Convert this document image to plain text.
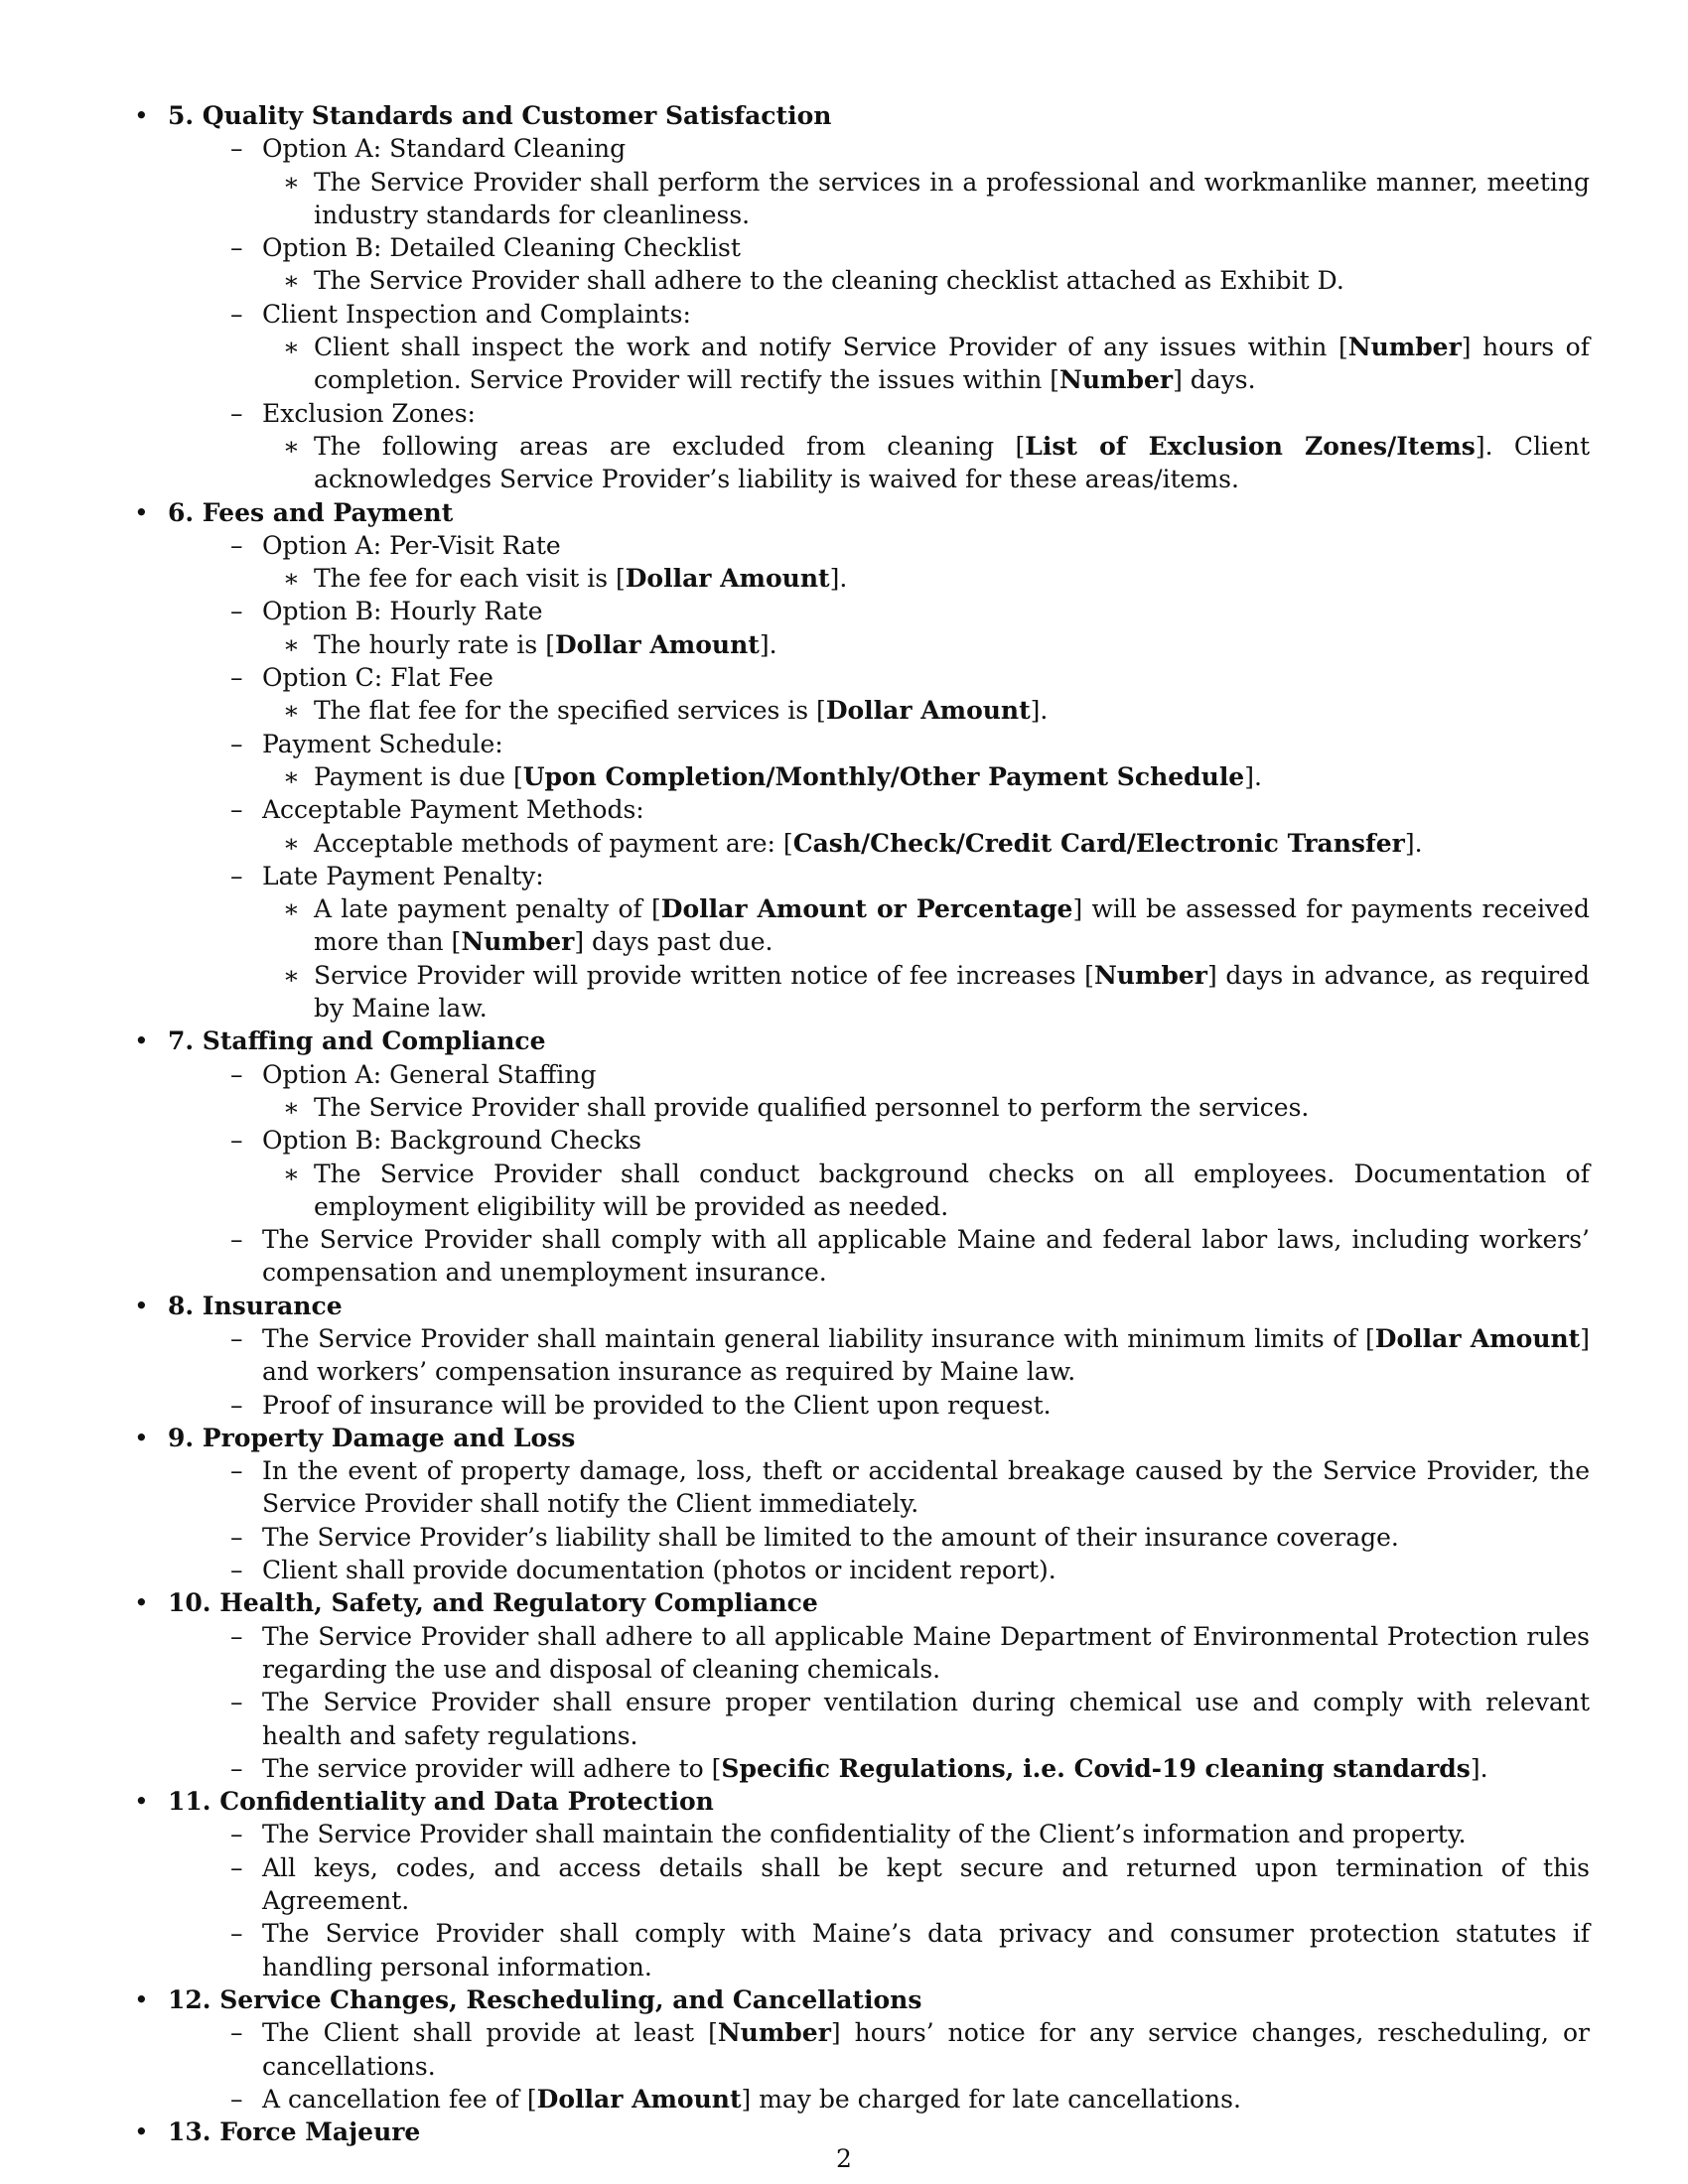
• 5. Quality Standards and Customer Satisfaction
– Option A: Standard Cleaning
∗ The Service Provider shall perform the services in a professional and workmanlike manner, meeting industry standards for cleanliness.
– Option B: Detailed Cleaning Checklist
∗ The Service Provider shall adhere to the cleaning checklist attached as Exhibit D.
– Client Inspection and Complaints:
∗ Client shall inspect the work and notify Service Provider of any issues within [Number] hours of completion. Service Provider will rectify the issues within [Number] days.
– Exclusion Zones:
∗ The following areas are excluded from cleaning [List of Exclusion Zones/Items]. Client acknowledges Service Provider’s liability is waived for these areas/items.
• 6. Fees and Payment
– Option A: Per-Visit Rate
∗ The fee for each visit is [Dollar Amount].
– Option B: Hourly Rate
∗ The hourly rate is [Dollar Amount].
– Option C: Flat Fee
∗ The flat fee for the specified services is [Dollar Amount].
– Payment Schedule:
∗ Payment is due [Upon Completion/Monthly/Other Payment Schedule].
– Acceptable Payment Methods:
∗ Acceptable methods of payment are: [Cash/Check/Credit Card/Electronic Transfer].
– Late Payment Penalty:
∗ A late payment penalty of [Dollar Amount or Percentage] will be assessed for payments received more than [Number] days past due.
∗ Service Provider will provide written notice of fee increases [Number] days in advance, as required by Maine law.
• 7. Staffing and Compliance
– Option A: General Staffing
∗ The Service Provider shall provide qualified personnel to perform the services.
– Option B: Background Checks
∗ The Service Provider shall conduct background checks on all employees. Documentation of employment eligibility will be provided as needed.
– The Service Provider shall comply with all applicable Maine and federal labor laws, including workers’ compensation and unemployment insurance.
• 8. Insurance
– The Service Provider shall maintain general liability insurance with minimum limits of [Dollar Amount] and workers’ compensation insurance as required by Maine law.
– Proof of insurance will be provided to the Client upon request.
• 9. Property Damage and Loss
– In the event of property damage, loss, theft or accidental breakage caused by the Service Provider, the Service Provider shall notify the Client immediately.
– The Service Provider’s liability shall be limited to the amount of their insurance coverage.
– Client shall provide documentation (photos or incident report).
• 10. Health, Safety, and Regulatory Compliance
– The Service Provider shall adhere to all applicable Maine Department of Environmental Protection rules regarding the use and disposal of cleaning chemicals.
– The Service Provider shall ensure proper ventilation during chemical use and comply with relevant health and safety regulations.
– The service provider will adhere to [Specific Regulations, i.e. Covid-19 cleaning standards].
• 11. Confidentiality and Data Protection
– The Service Provider shall maintain the confidentiality of the Client’s information and property.
– All keys, codes, and access details shall be kept secure and returned upon termination of this Agreement.
– The Service Provider shall comply with Maine’s data privacy and consumer protection statutes if handling personal information.
• 12. Service Changes, Rescheduling, and Cancellations
– The Client shall provide at least [Number] hours’ notice for any service changes, rescheduling, or cancellations.
– A cancellation fee of [Dollar Amount] may be charged for late cancellations.
• 13. Force Majeure
2
